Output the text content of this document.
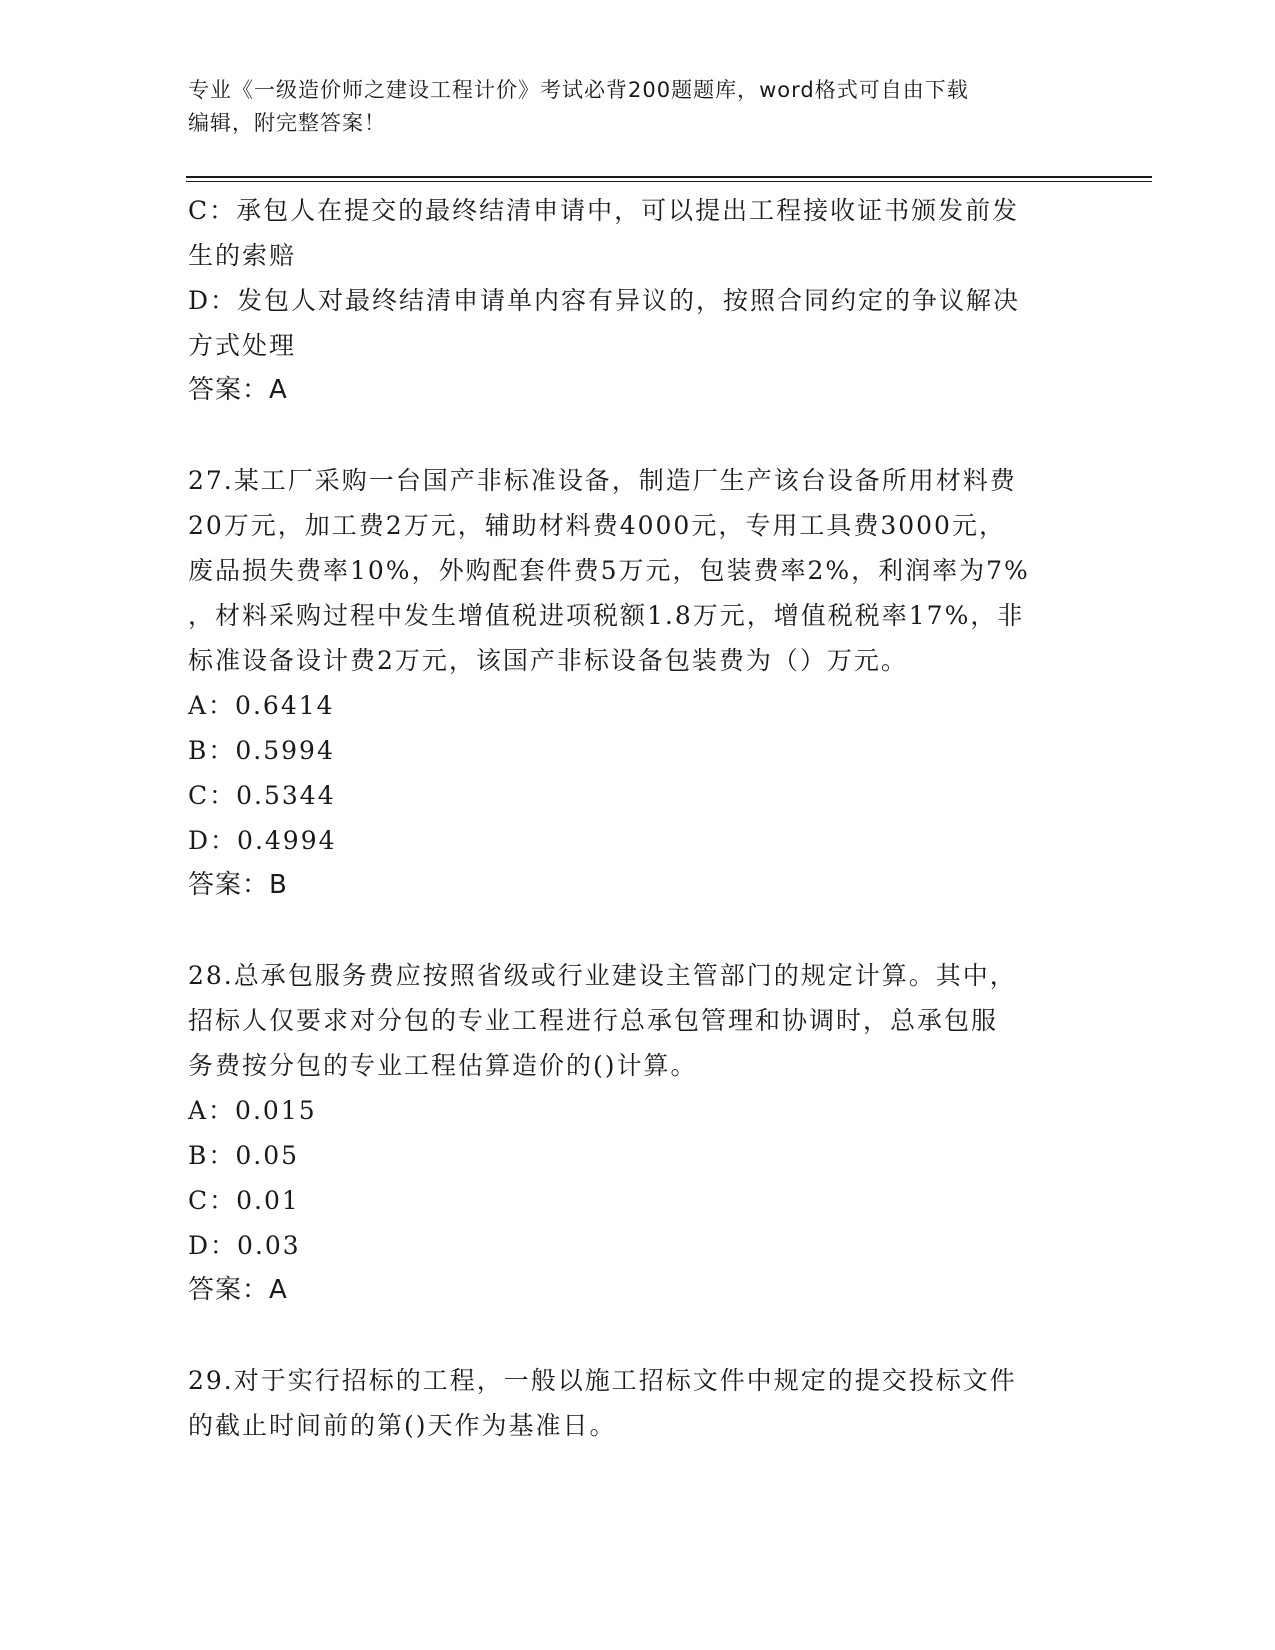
专业《一级造价师之建设工程计价》考试必背200题题库，word格式可自由下载
编辑，附完整答案！
C：承包人在提交的最终结清申请中，可以提出工程接收证书颁发前发
生的索赔
D：发包人对最终结清申请单内容有异议的，按照合同约定的争议解决
方式处理
答案：A
27.某工厂采购一台国产非标准设备，制造厂生产该台设备所用材料费
20万元，加工费2万元，辅助材料费4000元，专用工具费3000元，
废品损失费率10%，外购配套件费5万元，包装费率2%，利润率为7%
，材料采购过程中发生增值税进项税额1.8万元，增值税税率17%，非
标准设备设计费2万元，该国产非标设备包装费为（）万元。
A：0.6414
B：0.5994
C：0.5344
D：0.4994
答案：B
28.总承包服务费应按照省级或行业建设主管部门的规定计算。其中，
招标人仅要求对分包的专业工程进行总承包管理和协调时，总承包服
务费按分包的专业工程估算造价的()计算。
A：0.015
B：0.05
C：0.01
D：0.03
答案：A
29.对于实行招标的工程，一般以施工招标文件中规定的提交投标文件
的截止时间前的第()天作为基准日。
